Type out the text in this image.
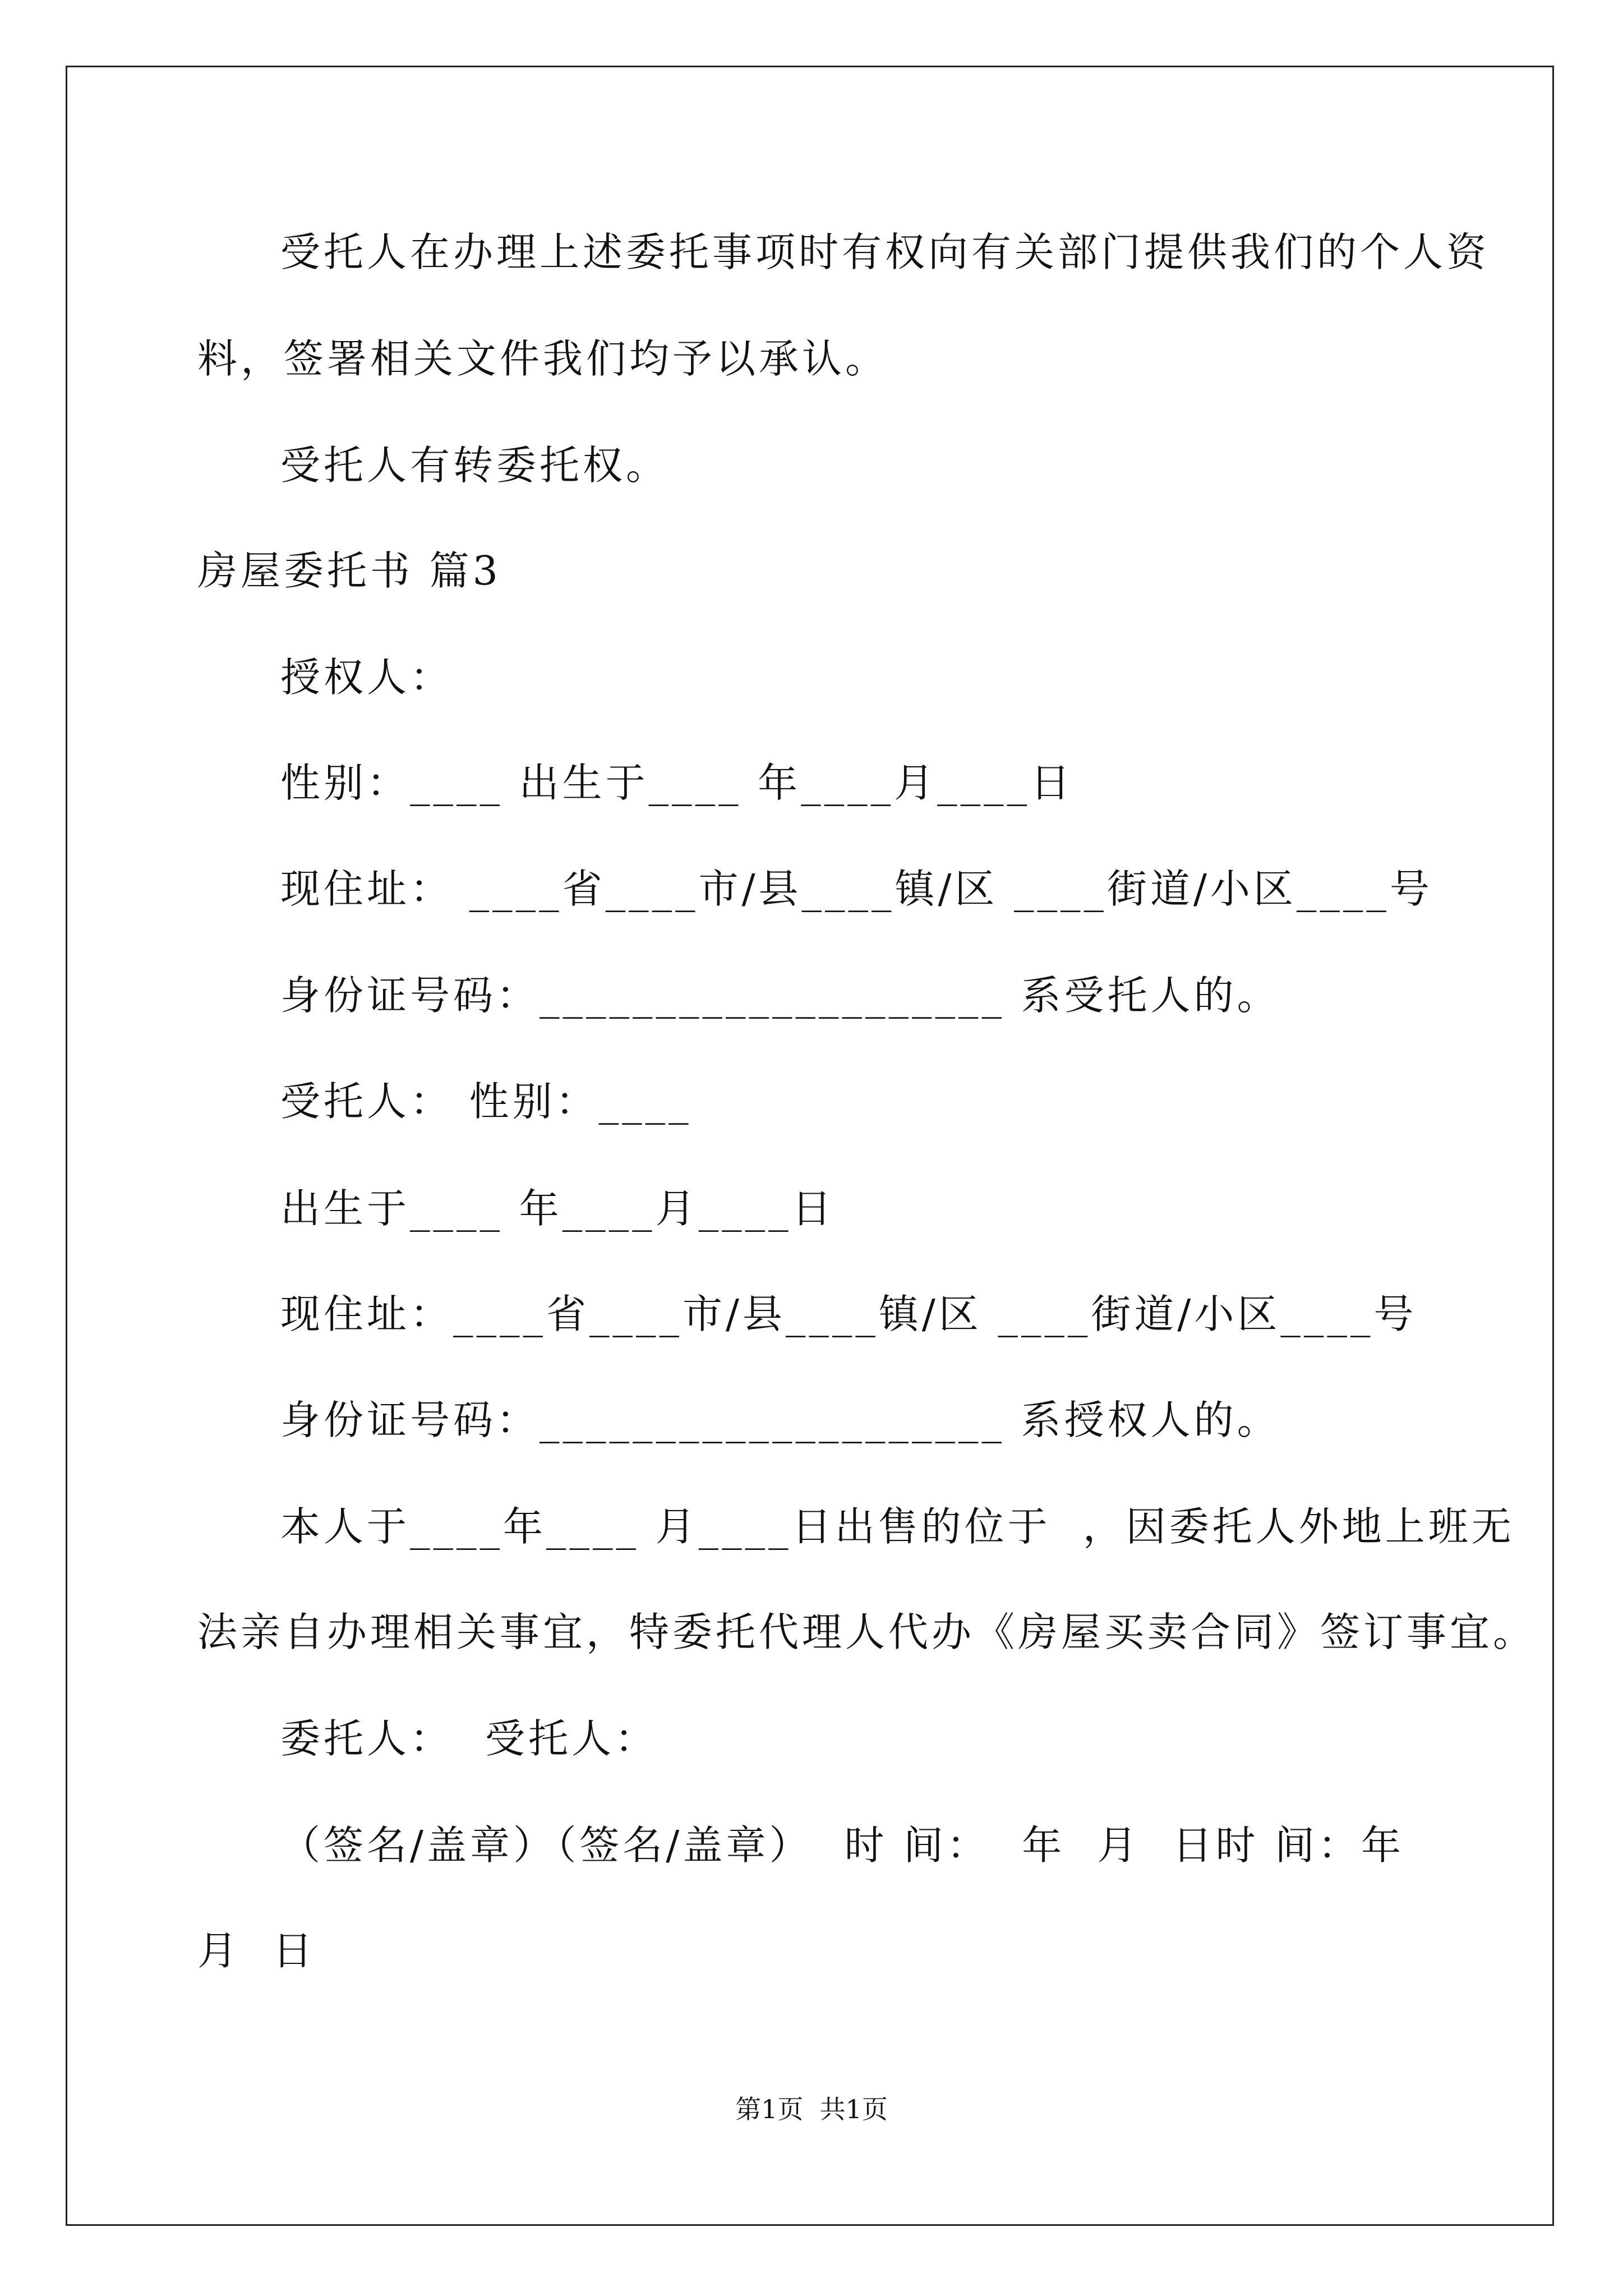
受托人在办理上述委托事项时有权向有关部门提供我们的个人资
料，签署相关文件我们均予以承认。
受托人有转委托权。
房屋委托书 篇3
授权人：
性别：____ 出生于____ 年____月____日
现住址： ____省____市/县____镇/区 ____街道/小区____号
身份证号码：____________________ 系受托人的。
受托人： 性别：____
出生于____ 年____月____日
现住址：____省____市/县____镇/区 ____街道/小区____号
身份证号码：____________________ 系授权人的。
本人于____年____ 月____日出售的位于  ，因委托人外地上班无
法亲自办理相关事宜，特委托代理人代办《房屋买卖合同》签订事宜。
委托人：  受托人：
（签名/盖章）（签名/盖章）  时 间：  年  月  日时 间：年
月  日
第1页  共1页
